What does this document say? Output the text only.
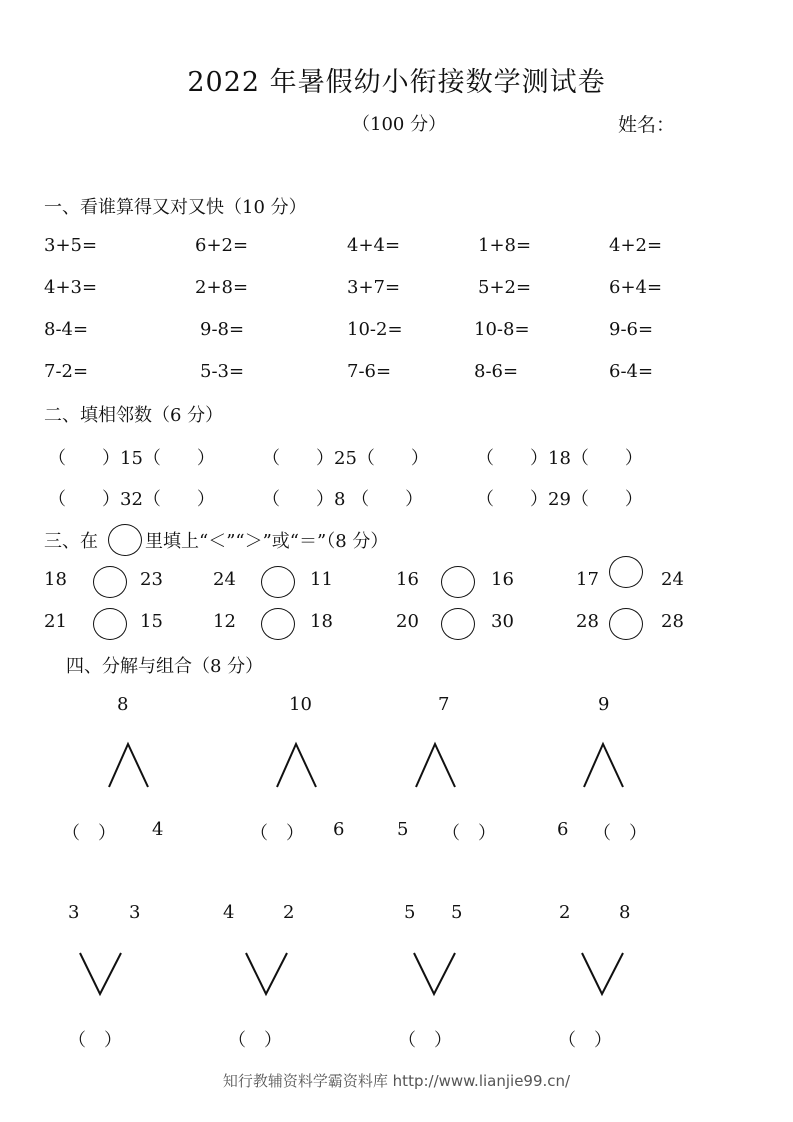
2022 年暑假幼小衔接数学测试卷
（100 分）	姓名：
一、看谁算得又对又快（10 分）
3+5=	6+2=	4+4=	1+8=	4+2=
4+3=	2+8=	3+7=	5+2=	6+4=
8-4=	9-8=	10-2=	10-8=	9-6=
7-2=	5-3=	7-6=	8-6=	6-4=
二、填相邻数（6 分）
（　　）15（　　）	（　　）25（　　）	（　　）18（　　）
（　　）32（　　）	（　　）8 （　　）	（　　）29（　　）
三、在	里填上“＜”“＞”或“＝”（8 分）
18	23	24	11	16	16	17	24
21	15	12	18	20	30	28	28
四、分解与组合（8 分）
8	10	7	9
（　） 4	（　） 6	5 （　）	6 （　）
3	3	4	2	5 5	2	8
（　）	（　）	（　）	（　）
知行教辅资料学霸资料库 http://www.lianjie99.cn/
